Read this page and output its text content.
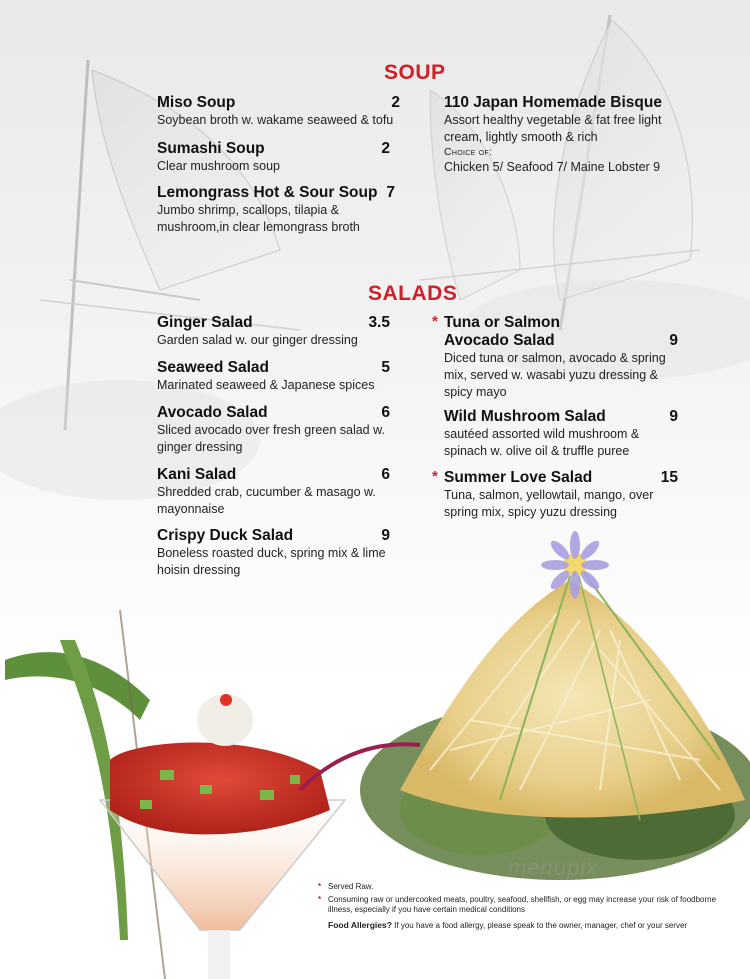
SOUP
Miso Soup	2
Soybean broth w. wakame seaweed & tofu
Sumashi Soup	2
Clear mushroom soup
Lemongrass Hot & Sour Soup 7
Jumbo shrimp, scallops, tilapia & mushroom,in clear lemongrass broth
110 Japan Homemade Bisque
Assort healthy vegetable & fat free light cream, lightly smooth & rich
Choice of:
Chicken 5/ Seafood 7/ Maine Lobster 9
SALADS
Ginger Salad	3.5
Garden salad w. our ginger dressing
Seaweed Salad	5
Marinated seaweed & Japanese spices
Avocado Salad	6
Sliced avocado over fresh green salad w. ginger dressing
Kani Salad	6
Shredded crab, cucumber & masago w. mayonnaise
Crispy Duck Salad	9
Boneless roasted duck, spring mix & lime hoisin dressing
* Tuna or Salmon
Avocado Salad	9
Diced tuna or salmon, avocado & spring mix, served w. wasabi yuzu dressing & spicy mayo
Wild Mushroom Salad	9
sautéed assorted wild mushroom & spinach w. olive oil & truffle puree
* Summer Love Salad	15
Tuna, salmon, yellowtail, mango, over spring mix, spicy yuzu dressing
menupix
* Served Raw.
* Consuming raw or undercooked meats, poultry, seafood, shellfish, or egg may increase your risk of foodborne illness, especially if you have certain medical conditions
Food Allergies? If you have a food allergy, please speak to the owner, manager, chef or your server
